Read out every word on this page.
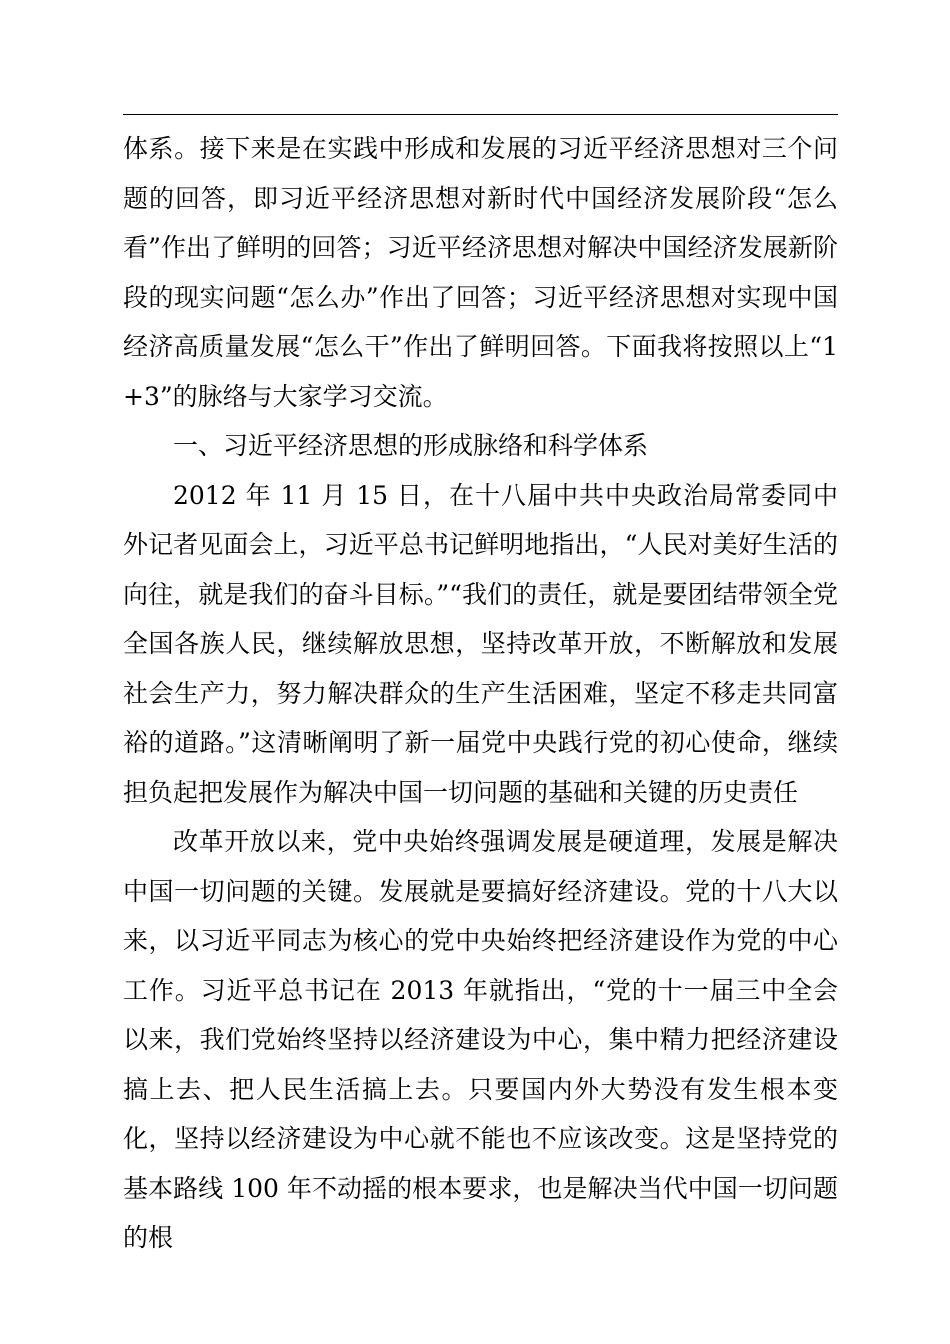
体系。接下来是在实践中形成和发展的习近平经济思想对三个问题的回答，即习近平经济思想对新时代中国经济发展阶段“怎么看”作出了鲜明的回答；习近平经济思想对解决中国经济发展新阶段的现实问题“怎么办”作出了回答；习近平经济思想对实现中国经济高质量发展“怎么干”作出了鲜明回答。下面我将按照以上“1+3”的脉络与大家学习交流。

一、习近平经济思想的形成脉络和科学体系

2012 年 11 月 15 日，在十八届中共中央政治局常委同中外记者见面会上，习近平总书记鲜明地指出，“人民对美好生活的向往，就是我们的奋斗目标。”“我们的责任，就是要团结带领全党全国各族人民，继续解放思想，坚持改革开放，不断解放和发展社会生产力，努力解决群众的生产生活困难，坚定不移走共同富裕的道路。”这清晰阐明了新一届党中央践行党的初心使命，继续担负起把发展作为解决中国一切问题的基础和关键的历史责任

改革开放以来，党中央始终强调发展是硬道理，发展是解决中国一切问题的关键。发展就是要搞好经济建设。党的十八大以来，以习近平同志为核心的党中央始终把经济建设作为党的中心工作。习近平总书记在 2013 年就指出，“党的十一届三中全会以来，我们党始终坚持以经济建设为中心，集中精力把经济建设搞上去、把人民生活搞上去。只要国内外大势没有发生根本变化，坚持以经济建设为中心就不能也不应该改变。这是坚持党的基本路线 100 年不动摇的根本要求，也是解决当代中国一切问题的根
